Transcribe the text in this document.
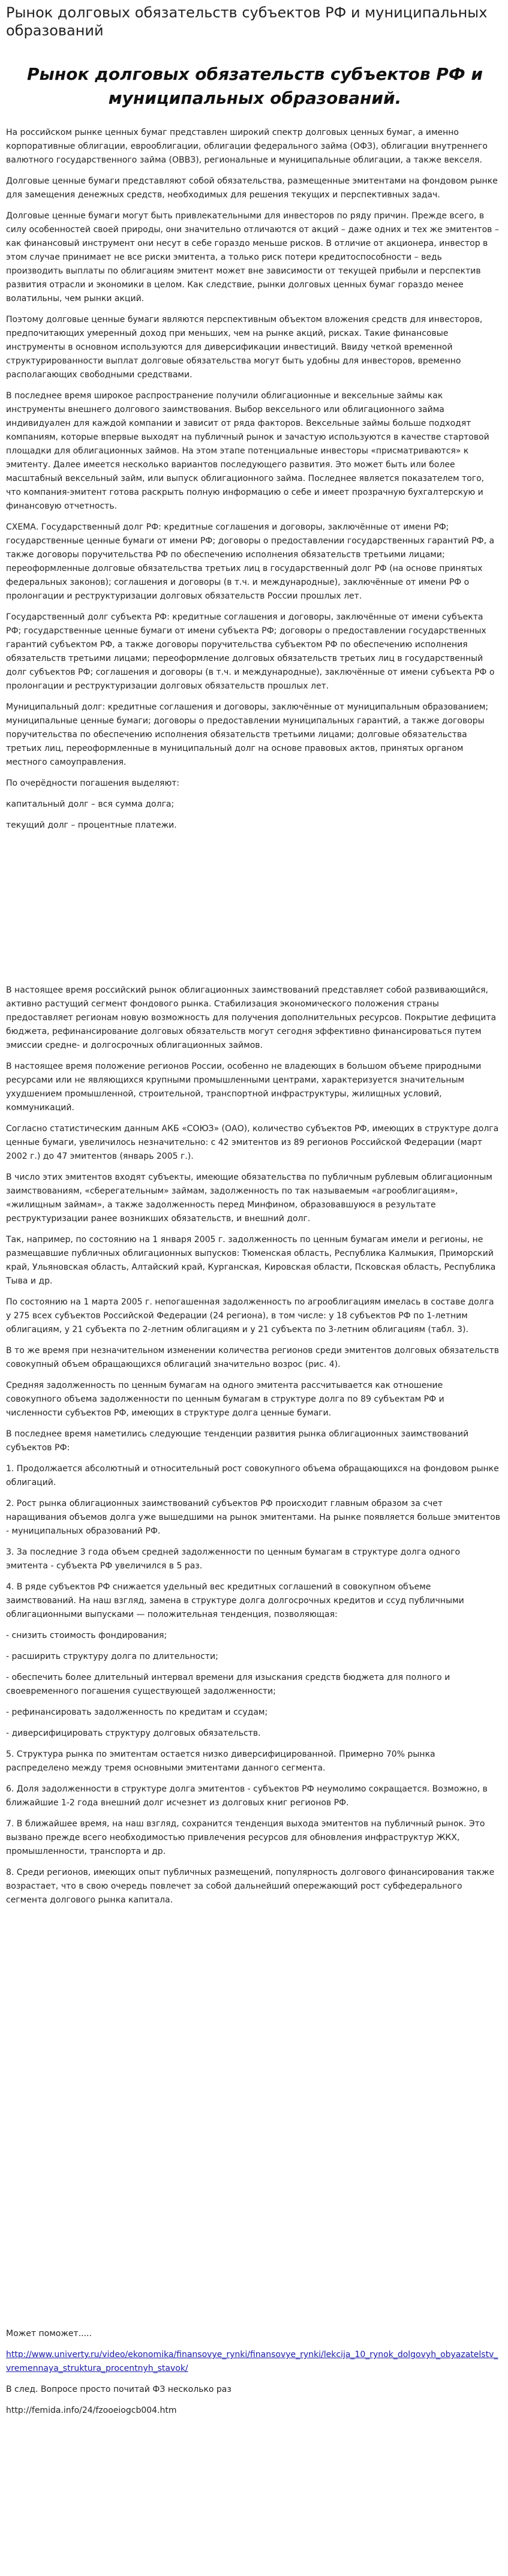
Рынок долговых обязательств субъектов РФ и муниципальных образований
Рынок долговых обязательств субъектов РФ и муниципальных образований.

На российском рынке ценных бумаг представлен широкий спектр долговых ценных бумаг, а именно корпоративные облигации, еврооблигации, облигации федерального займа (ОФЗ), облигации внутреннего валютного государственного займа (ОВВЗ), региональные и муниципальные облигации, а также векселя.

Долговые ценные бумаги представляют собой обязательства, размещенные эмитентами на фондовом рынке для замещения денежных средств, необходимых для решения текущих и перспективных задач.

Долговые ценные бумаги могут быть привлекательными для инвесторов по ряду причин. Прежде всего, в силу особенностей своей природы, они значительно отличаются от акций – даже одних и тех же эмитентов – как финансовый инструмент они несут в себе гораздо меньше рисков. В отличие от акционера, инвестор в этом случае принимает не все риски эмитента, а только риск потери кредитоспособности – ведь производить выплаты по облигациям эмитент может вне зависимости от текущей прибыли и перспектив развития отрасли и экономики в целом. Как следствие, рынки долговых ценных бумаг гораздо менее волатильны, чем рынки акций.

Поэтому долговые ценные бумаги являются перспективным объектом вложения средств для инвесторов, предпочитающих умеренный доход при меньших, чем на рынке акций, рисках. Такие финансовые инструменты в основном используются для диверсификации инвестиций. Ввиду четкой временной структурированности выплат долговые обязательства могут быть удобны для инвесторов, временно располагающих свободными средствами.

В последнее время широкое распространение получили облигационные и вексельные займы как инструменты внешнего долгового заимствования. Выбор вексельного или облигационного займа индивидуален для каждой компании и зависит от ряда факторов. Вексельные займы больше подходят компаниям, которые впервые выходят на публичный рынок и зачастую используются в качестве стартовой площадки для облигационных займов. На этом этапе потенциальные инвесторы «присматриваются» к эмитенту. Далее имеется несколько вариантов последующего развития. Это может быть или более масштабный вексельный займ, или выпуск облигационного займа. Последнее является показателем того, что компания-эмитент готова раскрыть полную информацию о себе и имеет прозрачную бухгалтерскую и финансовую отчетность.

СХЕМА. Государственный долг РФ: кредитные соглашения и договоры, заключённые от имени РФ; государственные ценные бумаги от имени РФ; договоры о предоставлении государственных гарантий РФ, а также договоры поручительства РФ по обеспечению исполнения обязательств третьими лицами; переоформленные долговые обязательства третьих лиц в государственный долг РФ (на основе принятых федеральных законов); соглашения и договоры (в т.ч. и международные), заключённые от имени РФ о пролонгации и реструктуризации долговых обязательств России прошлых лет.

Государственный долг субъекта РФ: кредитные соглашения и договоры, заключённые от имени субъекта РФ; государственные ценные бумаги от имени субъекта РФ; договоры о предоставлении государственных гарантий субъектом РФ, а также договоры поручительства субъектом РФ по обеспечению исполнения обязательств третьими лицами; переоформление долговых обязательств третьих лиц в государственный долг субъектов РФ; соглашения и договоры (в т.ч. и международные), заключённые от имени субъекта РФ о пролонгации и реструктуризации долговых обязательств прошлых лет.

Муниципальный долг: кредитные соглашения и договоры, заключённые от муниципальным образованием; муниципальные ценные бумаги; договоры о предоставлении муниципальных гарантий, а также договоры поручительства по обеспечению исполнения обязательств третьими лицами; долговые обязательства третьих лиц, переоформленные в муниципальный долг на основе правовых актов, принятых органом местного самоуправления.

По очерёдности погашения выделяют:

капитальный долг – вся сумма долга;

текущий долг – процентные платежи.

В настоящее время российский рынок облигационных заимствований представляет собой развивающийся, активно растущий сегмент фондового рынка. Стабилизация экономического положения страны предоставляет регионам новую возможность для получения дополнительных ресурсов. Покрытие дефицита бюджета, рефинансирование долговых обязательств могут сегодня эффективно финансироваться путем эмиссии средне- и долгосрочных облигационных займов.

В настоящее время положение регионов России, особенно не владеющих в большом объеме природными ресурсами или не являющихся крупными промышленными центрами, характеризуется значительным ухудшением промышленной, строительной, транспортной инфраструктуры, жилищных условий, коммуникаций.

Согласно статистическим данным АКБ «СОЮЗ» (ОАО), количество субъектов РФ, имеющих в структуре долга ценные бумаги, увеличилось незначительно: с 42 эмитентов из 89 регионов Российской Федерации (март 2002 г.) до 47 эмитентов (январь 2005 г.).

В число этих эмитентов входят субъекты, имеющие обязательства по публичным рублевым облигационным заимствованиям, «сберегательным» займам, задолженность по так называемым «агрооблигациям», «жилищным займам», а также задолженность перед Минфином, образовавшуюся в результате реструктуризации ранее возникших обязательств, и внешний долг.

Так, например, по состоянию на 1 января 2005 г. задолженность по ценным бумагам имели и регионы, не размещавшие публичных облигационных выпусков: Тюменская область, Республика Калмыкия, Приморский край, Ульяновская область, Алтайский край, Курганская, Кировская области, Псковская область, Республика Тыва и др.

По состоянию на 1 марта 2005 г. непогашенная задолженность по агрооблигациям имелась в составе долга у 275 всех субъектов Российской Федерации (24 региона), в том числе: у 18 субъектов РФ по 1-летним облигациям, у 21 субъекта по 2-летним облигациям и у 21 субъекта по 3-летним облигациям (табл. 3).

В то же время при незначительном изменении количества регионов среди эмитентов долговых обязательств совокупный объем обращающихся облигаций значительно возрос (рис. 4).

Средняя задолженность по ценным бумагам на одного эмитента рассчитывается как отношение совокупного объема задолженности по ценным бумагам в структуре долга по 89 субъектам РФ и численности субъектов РФ, имеющих в структуре долга ценные бумаги.

В последнее время наметились следующие тенденции развития рынка облигационных заимствований субъектов РФ:

1. Продолжается абсолютный и относительный рост совокупного объема обращающихся на фондовом рынке облигаций.

2. Рост рынка облигационных заимствований субъектов РФ происходит главным образом за счет наращивания объемов долга уже вышедшими на рынок эмитентами. На рынке появляется больше эмитентов - муниципальных образований РФ.

3. За последние 3 года объем средней задолженности по ценным бумагам в структуре долга одного эмитента - субъекта РФ увеличился в 5 раз.

4. В ряде субъектов РФ снижается удельный вес кредитных соглашений в совокупном объеме заимствований. На наш взгляд, замена в структуре долга долгосрочных кредитов и ссуд публичными облигационными выпусками — положительная тенденция, позволяющая:

- снизить стоимость фондирования;

- расширить структуру долга по длительности;

- обеспечить более длительный интервал времени для изыскания средств бюджета для полного и своевременного погашения существующей задолженности;

- рефинансировать задолженность по кредитам и ссудам;

- диверсифицировать структуру долговых обязательств.

5. Структура рынка по эмитентам остается низко диверсифицированной. Примерно 70% рынка распределено между тремя основными эмитентами данного сегмента.

6. Доля задолженности в структуре долга эмитентов - субъектов РФ неумолимо сокращается. Возможно, в ближайшие 1-2 года внешний долг исчезнет из долговых книг регионов РФ.

7. В ближайшее время, на наш взгляд, сохранится тенденция выхода эмитентов на публичный рынок. Это вызвано прежде всего необходимостью привлечения ресурсов для обновления инфраструктур ЖКХ, промышленности, транспорта и др.

8. Среди регионов, имеющих опыт публичных размещений, популярность долгового финансирования также возрастает, что в свою очередь повлечет за собой дальнейший опережающий рост субфедерального сегмента долгового рынка капитала.

Может поможет.....

http://www.univerty.ru/video/ekonomika/finansovye_rynki/finansovye_rynki/lekcija_10_rynok_dolgovyh_obyazatelstv_vremennaya_struktura_procentnyh_stavok/

В след. Вопросе просто почитай ФЗ несколько раз

http://femida.info/24/fzooeiogcb004.htm
